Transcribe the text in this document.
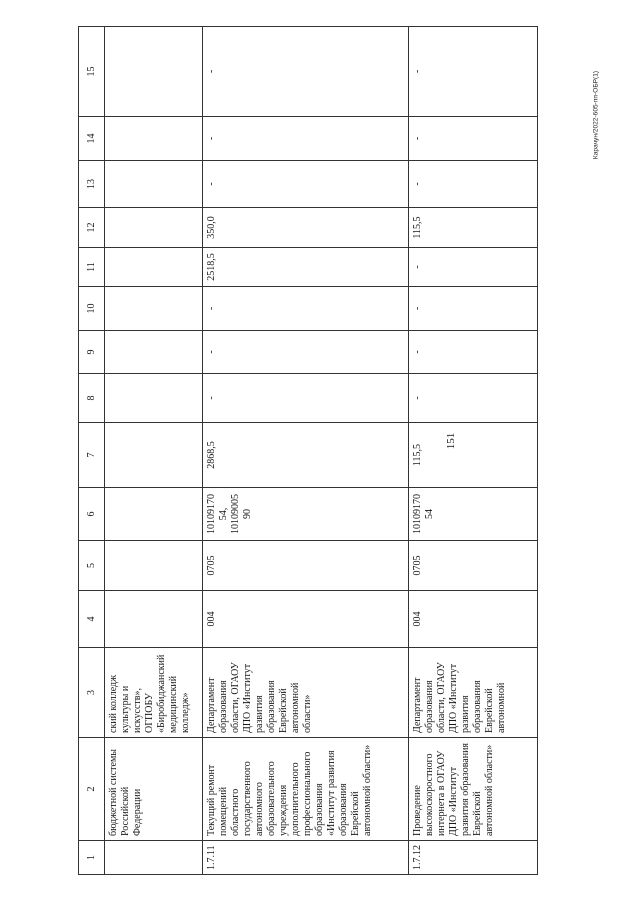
151
Карачун/2022-605-пп-ОБР(1)
1	2	3	4	5	6	7	8	9	10	11	12	13	14	15
	бюджетной системы Российской Федерации	ский колледж культуры и искусств», ОГПОБУ «Биробиджанский медицинский колледж»												
1.7.11	Текущий ремонт помещений областного государственного автономного образовательного учреждения дополнительного профессионального образования «Институт развития образования Еврейской автономной области»	Департамент образования области, ОГАОУ ДПО «Институт развития образования Еврейской автономной области»	004	0705	1010917054, 1010900590	2868,5	-	-	-	2518,5	350,0	-	-	-
1.7.12	Проведение высокоскоростного интернета в ОГАОУ ДПО «Институт развития образования Еврейской автономной области»	Департамент образования области, ОГАОУ ДПО «Институт развития образования Еврейской автономной	004	0705	1010917054	115,5	-	-	-	-	115,5	-	-	-
